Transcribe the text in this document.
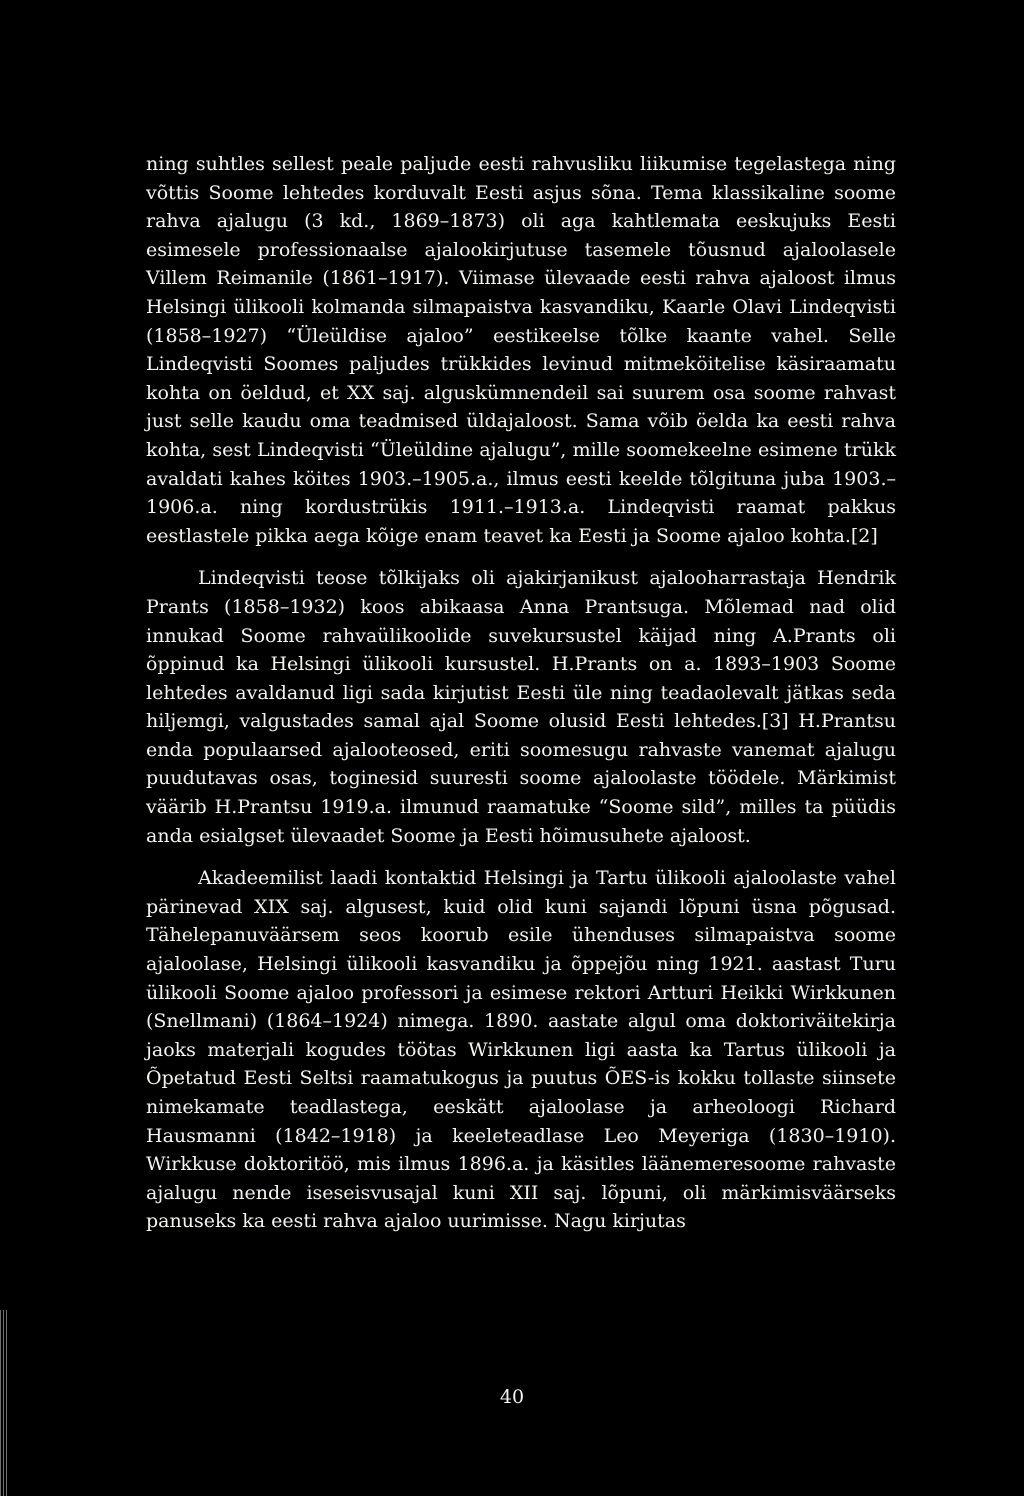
ning suhtles sellest peale paljude eesti rahvusliku liikumise tegelastega ning võttis Soome lehtedes korduvalt Eesti asjus sõna. Tema klassikaline soome rahva ajalugu (3 kd., 1869–1873) oli aga kahtlemata eeskujuks Eesti esimesele professionaalse ajalookirjutuse tasemele tõusnud ajaloolasele Villem Reimanile (1861–1917). Viimase ülevaade eesti rahva ajaloost ilmus Helsingi ülikooli kolmanda silmapaistva kasvandiku, Kaarle Olavi Lindeqvisti (1858–1927) “Üleüldise ajaloo” eestikeelse tõlke kaante vahel. Selle Lindeqvisti Soomes paljudes trükkides levinud mitmeköitelise käsiraamatu kohta on öeldud, et XX saj. alguskümnendeil sai suurem osa soome rahvast just selle kaudu oma teadmised üldajaloost. Sama võib öelda ka eesti rahva kohta, sest Lindeqvisti “Üleüldine ajalugu”, mille soomekeelne esimene trükk avaldati kahes köites 1903.–1905.a., ilmus eesti keelde tõlgituna juba 1903.–1906.a. ning kordustrükis 1911.–1913.a. Lindeqvisti raamat pakkus eestlastele pikka aega kõige enam teavet ka Eesti ja Soome ajaloo kohta.[2]

Lindeqvisti teose tõlkijaks oli ajakirjanikust ajalooharrastaja Hendrik Prants (1858–1932) koos abikaasa Anna Prantsuga. Mõlemad nad olid innukad Soome rahvaülikoolide suvekursustel käijad ning A.Prants oli õppinud ka Helsingi ülikooli kursustel. H.Prants on a. 1893–1903 Soome lehtedes avaldanud ligi sada kirjutist Eesti üle ning teadaolevalt jätkas seda hiljemgi, valgustades samal ajal Soome olusid Eesti lehtedes.[3] H.Prantsu enda populaarsed ajalooteosed, eriti soomesugu rahvaste vanemat ajalugu puudutavas osas, toginesid suuresti soome ajaloolaste töödele. Märkimist väärib H.Prantsu 1919.a. ilmunud raamatuke “Soome sild”, milles ta püüdis anda esialgset ülevaadet Soome ja Eesti hõimusuhete ajaloost.

Akadeemilist laadi kontaktid Helsingi ja Tartu ülikooli ajaloolaste vahel pärinevad XIX saj. algusest, kuid olid kuni sajandi lõpuni üsna põgusad. Tähelepanuväärsem seos koorub esile ühenduses silmapaistva soome ajaloolase, Helsingi ülikooli kasvandiku ja õppejõu ning 1921. aastast Turu ülikooli Soome ajaloo professori ja esimese rektori Artturi Heikki Wirkkunen (Snellmani) (1864–1924) nimega. 1890. aastate algul oma doktoriväitekirja jaoks materjali kogudes töötas Wirkkunen ligi aasta ka Tartus ülikooli ja Õpetatud Eesti Seltsi raamatukogus ja puutus ÕES-is kokku tollaste siinsete nimekamate teadlastega, eeskätt ajaloolase ja arheoloogi Richard Hausmanni (1842–1918) ja keeleteadlase Leo Meyeriga (1830–1910). Wirkkuse doktoritöö, mis ilmus 1896.a. ja käsitles läänemeresoome rahvaste ajalugu nende iseseisvusajal kuni XII saj. lõpuni, oli märkimisväärseks panuseks ka eesti rahva ajaloo uurimisse. Nagu kirjutas

40
